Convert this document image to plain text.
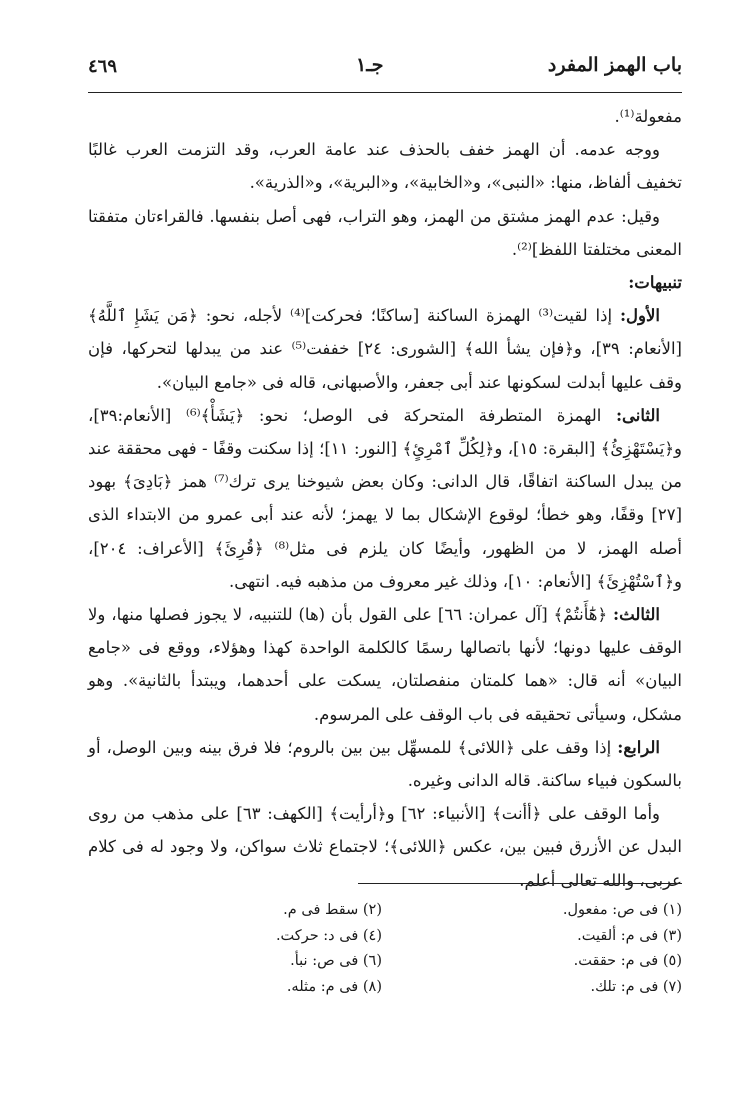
باب الهمز المفرد
جـ١
٤٦٩

مفعولة⁽¹⁾.

ووجه عدمه. أن الهمز خفف بالحذف عند عامة العرب، وقد التزمت العرب غالبًا تخفيف ألفاظ، منها: «النبى»، و«الخابية»، و«البرية»، و«الذرية».

وقيل: عدم الهمز مشتق من الهمز، وهو التراب، فهى أصل بنفسها. فالقراءتان متفقتا المعنى مختلفتا اللفظ]⁽²⁾.

تنبيهات:

الأول: إذا لقيت⁽³⁾ الهمزة الساكنة [ساكنًا؛ فحركت]⁽⁴⁾ لأجله، نحو: ﴿مَن يَشَإِ ٱللَّهُ﴾ [الأنعام: ٣٩]، و﴿فإن يشأ الله﴾ [الشورى: ٢٤] خففت⁽⁵⁾ عند من يبدلها لتحركها، فإن وقف عليها أبدلت لسكونها عند أبى جعفر، والأصبهانى، قاله فى «جامع البيان».

الثانى: الهمزة المتطرفة المتحركة فى الوصل؛ نحو: ﴿يَشَأْ﴾⁽⁶⁾ [الأنعام:٣٩]، و﴿يَسْتَهْزِئُ﴾ [البقرة: ١٥]، و﴿لِكُلِّ ٱمْرِئٍ﴾ [النور: ١١]؛ إذا سكنت وقفًا - فهى محققة عند من يبدل الساكنة اتفاقًا، قال الدانى: وكان بعض شيوخنا يرى ترك⁽⁷⁾ همز ﴿بَادِىَ﴾ بهود [٢٧] وقفًا، وهو خطأ؛ لوقوع الإشكال بما لا يهمز؛ لأنه عند أبى عمرو من الابتداء الذى أصله الهمز، لا من الظهور، وأيضًا كان يلزم فى مثل⁽⁸⁾ ﴿قُرِئَ﴾ [الأعراف: ٢٠٤]، و﴿ٱسْتُهْزِئَ﴾ [الأنعام: ١٠]، وذلك غير معروف من مذهبه فيه. انتهى.

الثالث: ﴿هَٰٓأَنتُمْ﴾ [آل عمران: ٦٦] على القول بأن (ها) للتنبيه، لا يجوز فصلها منها، ولا الوقف عليها دونها؛ لأنها باتصالها رسمًا كالكلمة الواحدة كهذا وهؤلاء، ووقع فى «جامع البيان» أنه قال: «هما كلمتان منفصلتان، يسكت على أحدهما، ويبتدأ بالثانية». وهو مشكل، وسيأتى تحقيقه فى باب الوقف على المرسوم.

الرابع: إذا وقف على ﴿اللائى﴾ للمسهِّل بين بين بالروم؛ فلا فرق بينه وبين الوصل، أو بالسكون فبياء ساكنة. قاله الدانى وغيره.

وأما الوقف على ﴿أأنت﴾ [الأنبياء: ٦٢] و﴿أرأيت﴾ [الكهف: ٦٣] على مذهب من روى البدل عن الأزرق فبين بين، عكس ﴿اللائى﴾؛ لاجتماع ثلاث سواكن، ولا وجود له فى كلام عربى، والله تعالى أعلم.

(١) فى ص: مفعول.
(٣) فى م: ألقيت.
(٥) فى م: حققت.
(٧) فى م: تلك.
(٢) سقط فى م.
(٤) فى د: حركت.
(٦) فى ص: نبأ.
(٨) فى م: مثله.
